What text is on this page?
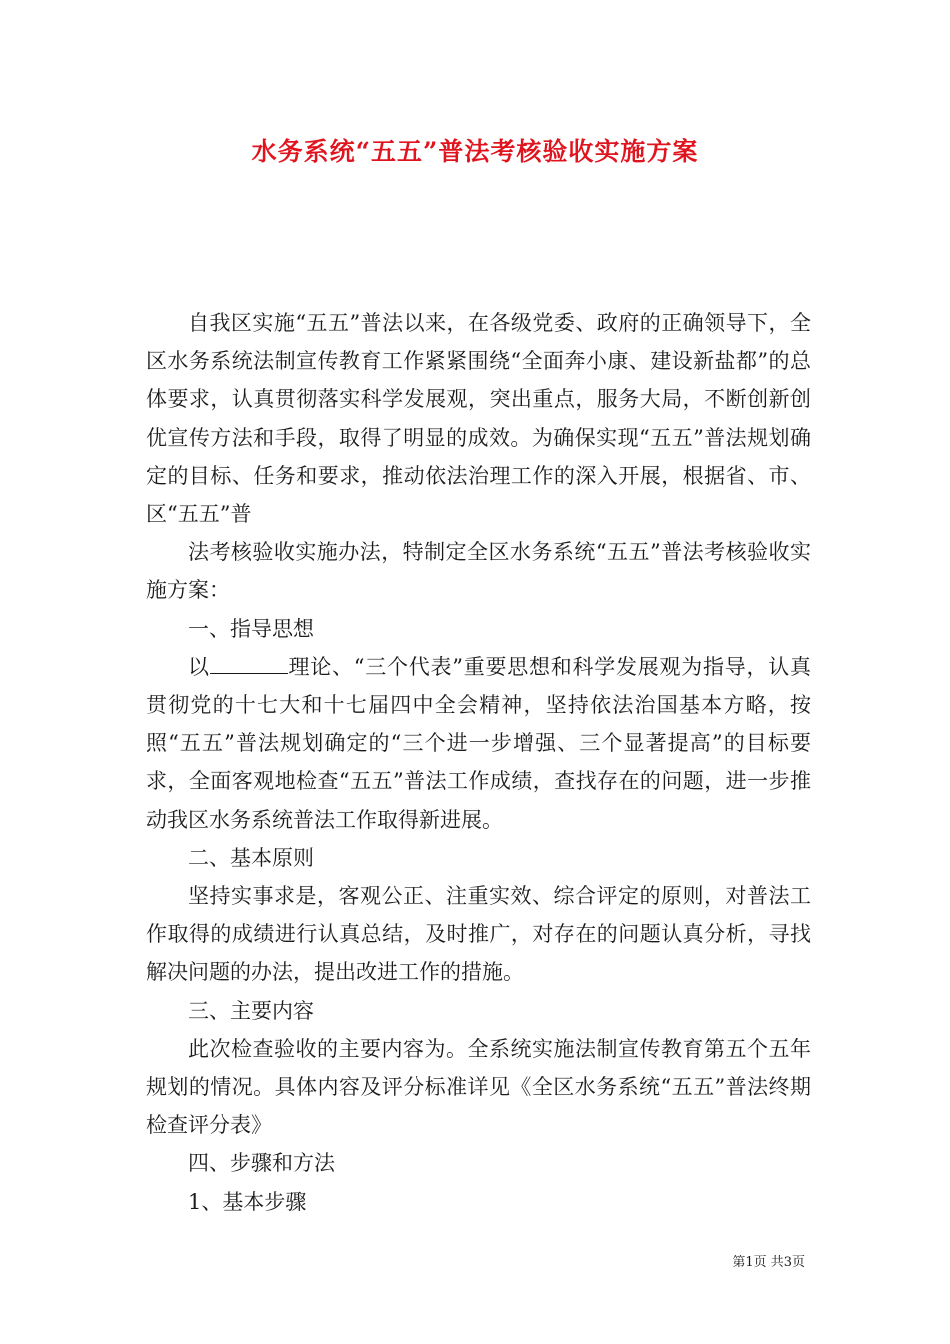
水务系统“五五”普法考核验收实施方案

自我区实施“五五”普法以来，在各级党委、政府的正确领导下，全区水务系统法制宣传教育工作紧紧围绕“全面奔小康、建设新盐都”的总体要求，认真贯彻落实科学发展观，突出重点，服务大局，不断创新创优宣传方法和手段，取得了明显的成效。为确保实现“五五”普法规划确定的目标、任务和要求，推动依法治理工作的深入开展，根据省、市、区“五五”普

法考核验收实施办法，特制定全区水务系统“五五”普法考核验收实施方案：

一、指导思想

以	理论、“三个代表”重要思想和科学发展观为指导，认真贯彻党的十七大和十七届四中全会精神，坚持依法治国基本方略，按照“五五”普法规划确定的“三个进一步增强、三个显著提高”的目标要求，全面客观地检查“五五”普法工作成绩，查找存在的问题，进一步推动我区水务系统普法工作取得新进展。

二、基本原则

坚持实事求是，客观公正、注重实效、综合评定的原则，对普法工作取得的成绩进行认真总结，及时推广，对存在的问题认真分析，寻找解决问题的办法，提出改进工作的措施。

三、主要内容

此次检查验收的主要内容为。全系统实施法制宣传教育第五个五年规划的情况。具体内容及评分标准详见《全区水务系统“五五”普法终期检查评分表》

四、步骤和方法

1、基本步骤

第1页 共3页
